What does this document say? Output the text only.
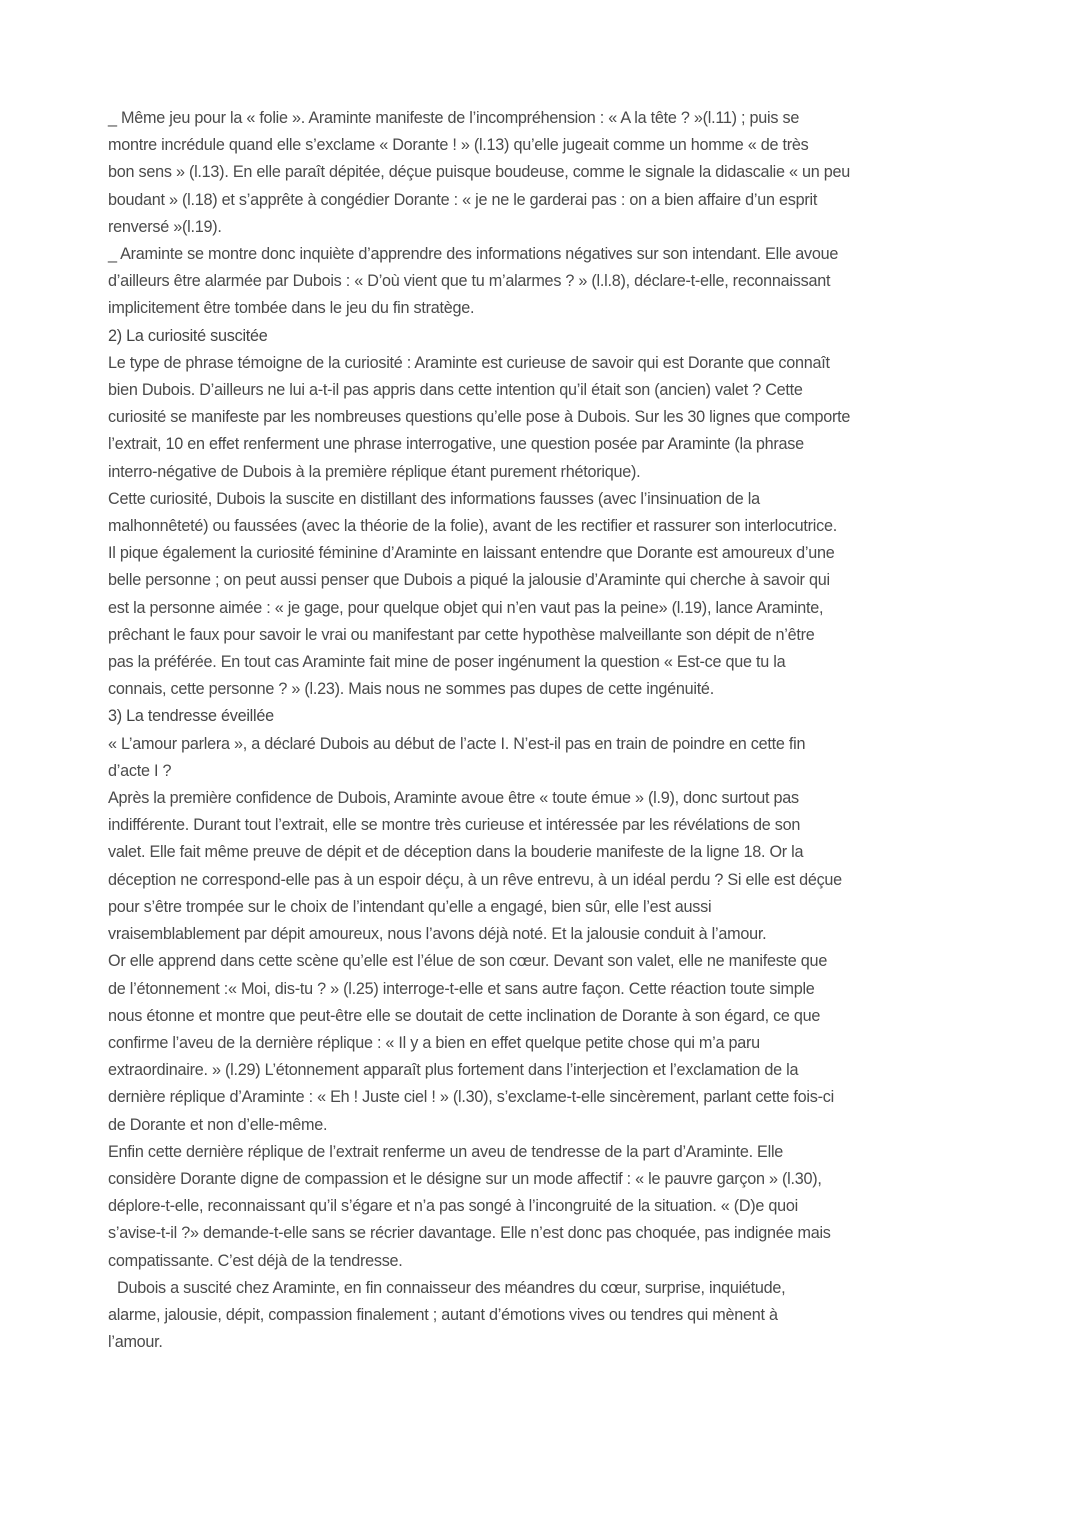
_ Même jeu pour la « folie ». Araminte manifeste de l’incompréhension : « A la tête ? »(l.11) ; puis se
montre incrédule quand elle s’exclame « Dorante ! » (l.13) qu’elle jugeait comme un homme « de très
bon sens » (l.13). En elle paraît dépitée, déçue puisque boudeuse, comme le signale la didascalie « un peu
boudant » (l.18) et s’apprête à congédier Dorante : « je ne le garderai pas : on a bien affaire d’un esprit
renversé »(l.19).
_ Araminte se montre donc inquiète d’apprendre des informations négatives sur son intendant. Elle avoue
d’ailleurs être alarmée par Dubois : « D’où vient que tu m’alarmes ? » (l.l.8), déclare-t-elle, reconnaissant
implicitement être tombée dans le jeu du fin stratège.
2) La curiosité suscitée
Le type de phrase témoigne de la curiosité : Araminte est curieuse de savoir qui est Dorante que connaît
bien Dubois. D’ailleurs ne lui a-t-il pas appris dans cette intention qu’il était son (ancien) valet ? Cette
curiosité se manifeste par les nombreuses questions qu’elle pose à Dubois. Sur les 30 lignes que comporte
l’extrait, 10 en effet renferment une phrase interrogative, une question posée par Araminte (la phrase
interro-négative de Dubois à la première réplique étant purement rhétorique).
Cette curiosité, Dubois la suscite en distillant des informations fausses (avec l’insinuation de la
malhonnêteté) ou faussées (avec la théorie de la folie), avant de les rectifier et rassurer son interlocutrice.
Il pique également la curiosité féminine d’Araminte en laissant entendre que Dorante est amoureux d’une
belle personne ; on peut aussi penser que Dubois a piqué la jalousie d’Araminte qui cherche à savoir qui
est la personne aimée : « je gage, pour quelque objet qui n’en vaut pas la peine» (l.19), lance Araminte,
prêchant le faux pour savoir le vrai ou manifestant par cette hypothèse malveillante son dépit de n’être
pas la préférée. En tout cas Araminte fait mine de poser ingénument la question « Est-ce que tu la
connais, cette personne ? » (l.23). Mais nous ne sommes pas dupes de cette ingénuité.
3) La tendresse éveillée
« L’amour parlera », a déclaré Dubois au début de l’acte I. N’est-il pas en train de poindre en cette fin
d’acte I ?
Après la première confidence de Dubois, Araminte avoue être « toute émue » (l.9), donc surtout pas
indifférente. Durant tout l’extrait, elle se montre très curieuse et intéressée par les révélations de son
valet. Elle fait même preuve de dépit et de déception dans la bouderie manifeste de la ligne 18. Or la
déception ne correspond-elle pas à un espoir déçu, à un rêve entrevu, à un idéal perdu ? Si elle est déçue
pour s’être trompée sur le choix de l’intendant qu’elle a engagé, bien sûr, elle l’est aussi
vraisemblablement par dépit amoureux, nous l’avons déjà noté. Et la jalousie conduit à l’amour.
Or elle apprend dans cette scène qu’elle est l’élue de son cœur. Devant son valet, elle ne manifeste que
de l’étonnement :« Moi, dis-tu ? » (l.25) interroge-t-elle et sans autre façon. Cette réaction toute simple
nous étonne et montre que peut-être elle se doutait de cette inclination de Dorante à son égard, ce que
confirme l’aveu de la dernière réplique : « Il y a bien en effet quelque petite chose qui m’a paru
extraordinaire. » (l.29) L’étonnement apparaît plus fortement dans l’interjection et l’exclamation de la
dernière réplique d’Araminte : « Eh ! Juste ciel ! » (l.30), s’exclame-t-elle sincèrement, parlant cette fois-ci
de Dorante et non d’elle-même.
Enfin cette dernière réplique de l’extrait renferme un aveu de tendresse de la part d’Araminte. Elle
considère Dorante digne de compassion et le désigne sur un mode affectif : « le pauvre garçon » (l.30),
déplore-t-elle, reconnaissant qu’il s’égare et n’a pas songé à l’incongruité de la situation. « (D)e quoi
s’avise-t-il ?» demande-t-elle sans se récrier davantage. Elle n’est donc pas choquée, pas indignée mais
compatissante. C’est déjà de la tendresse.
Dubois a suscité chez Araminte, en fin connaisseur des méandres du cœur, surprise, inquiétude,
alarme, jalousie, dépit, compassion finalement ; autant d’émotions vives ou tendres qui mènent à
l’amour.
